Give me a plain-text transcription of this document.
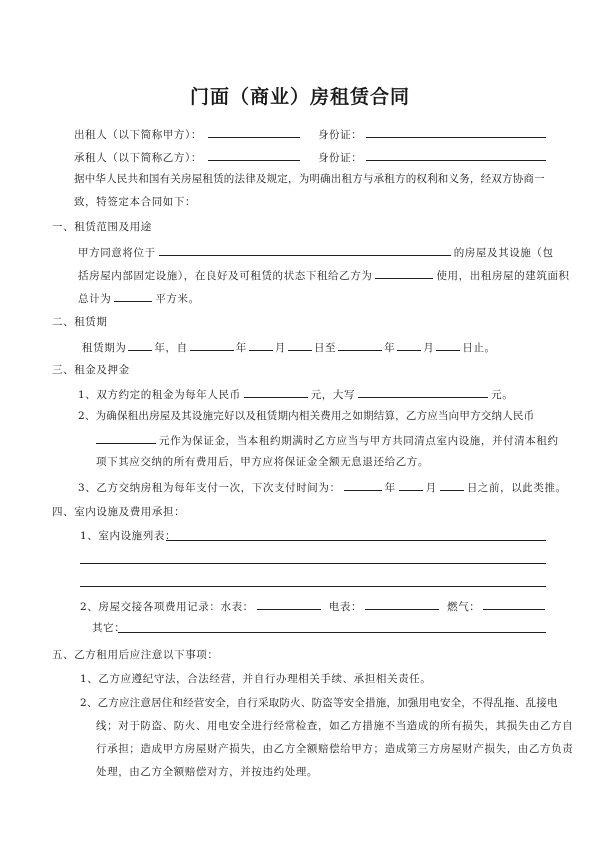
门面（商业）房租赁合同
出租人（以下简称甲方）：	身份证：
承租人（以下简称乙方）：	身份证：
据中华人民共和国有关房屋租赁的法律及规定，为明确出租方与承租方的权利和义务，经双方协商一
致，特签定本合同如下：
一、租赁范围及用途
甲方同意将位于	的房屋及其设施（包
括房屋内部固定设施），在良好及可租赁的状态下租给乙方为	使用，出租房屋的建筑面积
总计为	平方米。
二、租赁期
租赁期为	年，自	年	月	日至	年	月	日止。
三、租金及押金
1、双方约定的租金为每年人民币	元，大写	元。
2、为确保租出房屋及其设施完好以及租赁期内相关费用之如期结算，乙方应当向甲方交纳人民币
元作为保证金，当本租约期满时乙方应当与甲方共同清点室内设施，并付清本租约
项下其应交纳的所有费用后，甲方应将保证金全额无息退还给乙方。
3、乙方交纳房租为每年支付一次，下次支付时间为：	年	月	日之前，以此类推。
四、室内设施及费用承担：
1、室内设施列表：
2、房屋交接各项费用记录：水表：	电表：	燃气：
其它：
五、乙方租用后应注意以下事项：
1、乙方应遵纪守法，合法经营，并自行办理相关手续、承担相关责任。
2、乙方应注意居住和经营安全，自行采取防火、防盗等安全措施，加强用电安全，不得乱拖、乱接电
线；对于防盗、防火、用电安全进行经常检查，如乙方措施不当造成的所有损失，其损失由乙方自
行承担；造成甲方房屋财产损失，由乙方全额赔偿给甲方；造成第三方房屋财产损失，由乙方负责
处理，由乙方全额赔偿对方，并按违约处理。
